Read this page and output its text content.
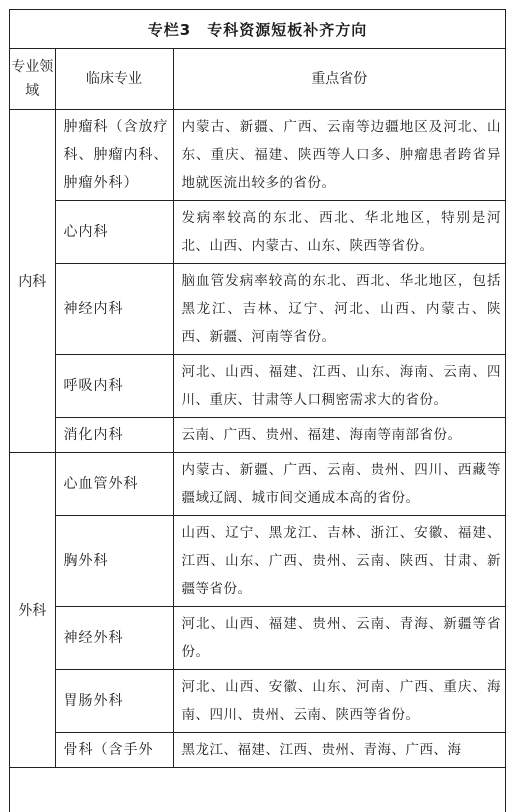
专栏3　专科资源短板补齐方向
专业领域	临床专业	重点省份
内科	肿瘤科（含放疗科、肿瘤内科、肿瘤外科）	内蒙古、新疆、广西、云南等边疆地区及河北、山东、重庆、福建、陕西等人口多、肿瘤患者跨省异地就医流出较多的省份。
	心内科	发病率较高的东北、西北、华北地区，特别是河北、山西、内蒙古、山东、陕西等省份。
	神经内科	脑血管发病率较高的东北、西北、华北地区，包括黑龙江、吉林、辽宁、河北、山西、内蒙古、陕西、新疆、河南等省份。
	呼吸内科	河北、山西、福建、江西、山东、海南、云南、四川、重庆、甘肃等人口稠密需求大的省份。
	消化内科	云南、广西、贵州、福建、海南等南部省份。
外科	心血管外科	内蒙古、新疆、广西、云南、贵州、四川、西藏等疆域辽阔、城市间交通成本高的省份。
	胸外科	山西、辽宁、黑龙江、吉林、浙江、安徽、福建、江西、山东、广西、贵州、云南、陕西、甘肃、新疆等省份。
	神经外科	河北、山西、福建、贵州、云南、青海、新疆等省份。
	胃肠外科	河北、山西、安徽、山东、河南、广西、重庆、海南、四川、贵州、云南、陕西等省份。
	骨科（含手外	黑龙江、福建、江西、贵州、青海、广西、海
